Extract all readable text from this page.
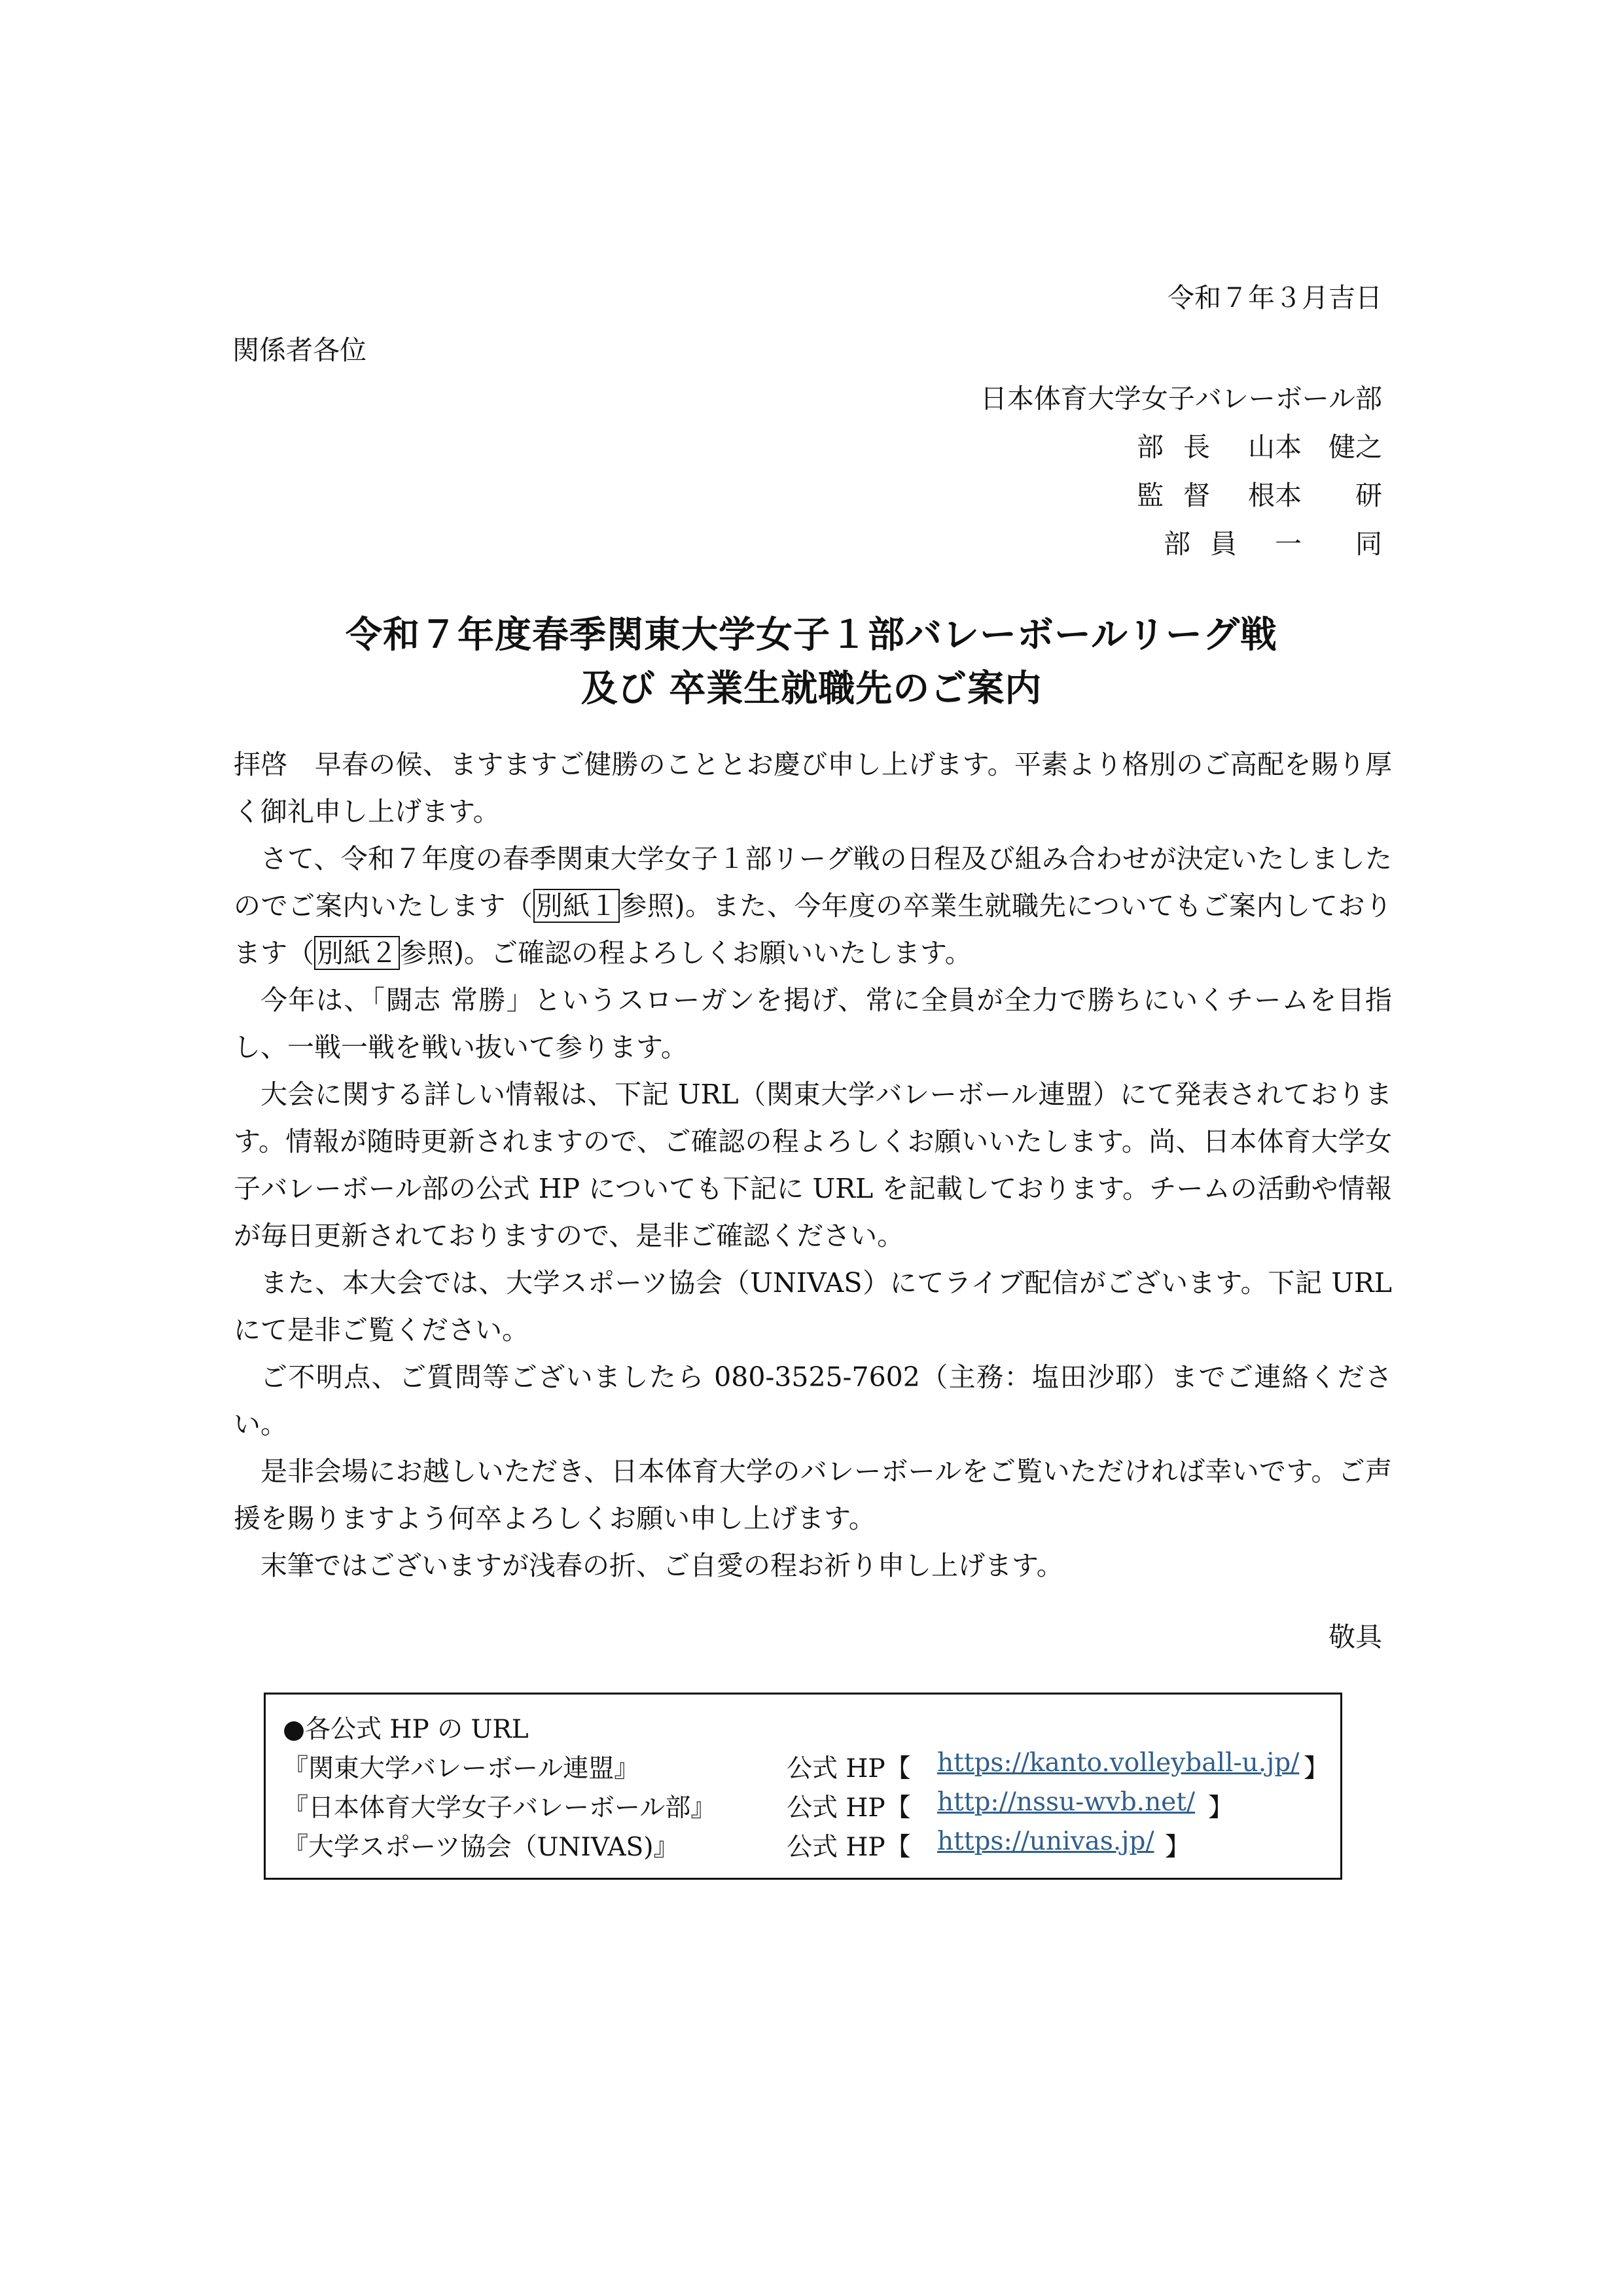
令和７年３月吉日
関係者各位
日本体育大学女子バレーボール部
部長 山本　健之
監督 根本　　研
部員 一　　同
令和７年度春季関東大学女子１部バレーボールリーグ戦
及び 卒業生就職先のご案内

拝啓　早春の候、ますますご健勝のこととお慶び申し上げます。平素より格別のご高配を賜り厚く御礼申し上げます。

さて、令和７年度の春季関東大学女子１部リーグ戦の日程及び組み合わせが決定いたしましたのでご案内いたします（別紙１参照)。また、今年度の卒業生就職先についてもご案内しております（別紙２参照)。ご確認の程よろしくお願いいたします。

今年は、「闘志 常勝」というスローガンを掲げ、常に全員が全力で勝ちにいくチームを目指し、一戦一戦を戦い抜いて参ります。

大会に関する詳しい情報は、下記 URL（関東大学バレーボール連盟）にて発表されております。情報が随時更新されますので、ご確認の程よろしくお願いいたします。尚、日本体育大学女子バレーボール部の公式 HP についても下記に URL を記載しております。チームの活動や情報が毎日更新されておりますので、是非ご確認ください。

また、本大会では、大学スポーツ協会（UNIVAS）にてライブ配信がございます。下記 URL にて是非ご覧ください。

ご不明点、ご質問等ございましたら 080-3525-7602（主務：塩田沙耶）までご連絡ください。

是非会場にお越しいただき、日本体育大学のバレーボールをご覧いただければ幸いです。ご声援を賜りますよう何卒よろしくお願い申し上げます。

末筆ではございますが浅春の折、ご自愛の程お祈り申し上げます。

敬具
●各公式 HP の URL
『関東大学バレーボール連盟』	公式 HP【 https://kanto.volleyball-u.jp/ 】
『日本体育大学女子バレーボール部』	公式 HP【 http://nssu-wvb.net/ 】
『大学スポーツ協会（UNIVAS)』	公式 HP【 https://univas.jp/ 】
